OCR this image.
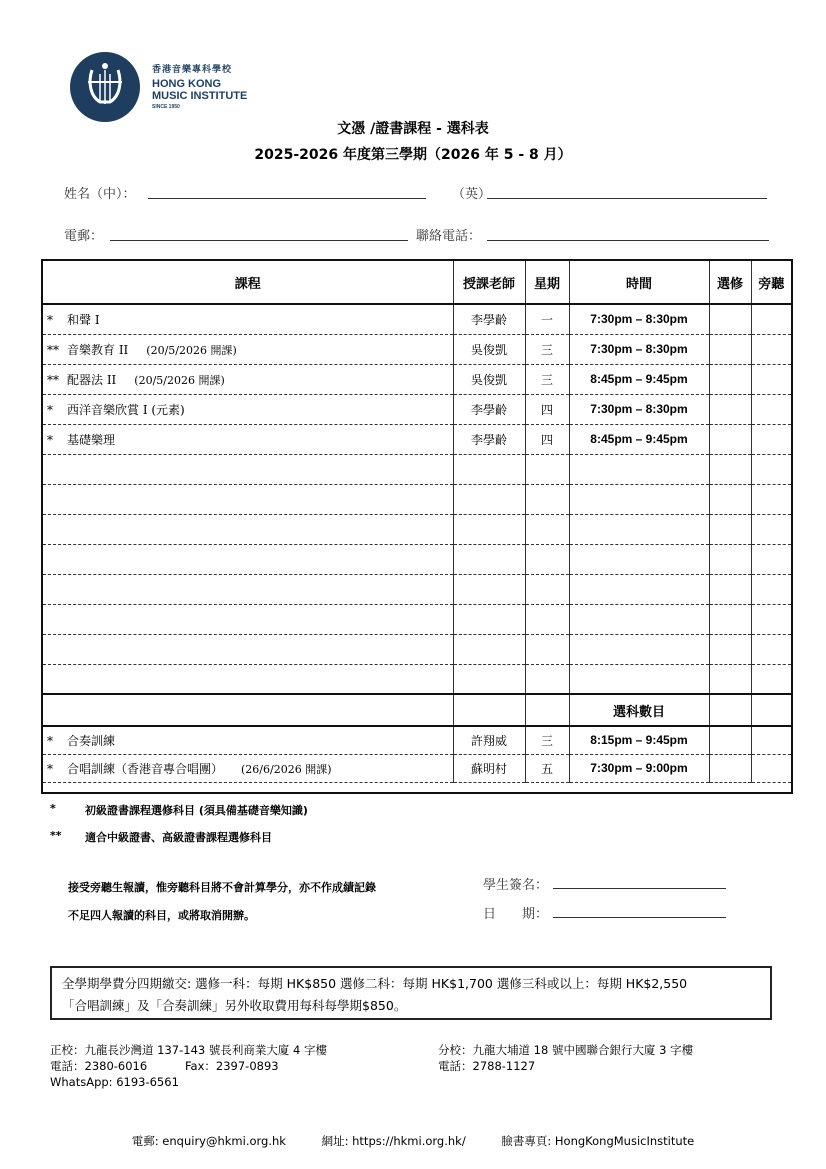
香港音樂專科學校
HONG KONG
MUSIC INSTITUTE
SINCE 1950
文憑 /證書課程 - 選科表
2025-2026 年度第三學期（2026 年 5 - 8 月）
姓名（中）：	（英）
電郵：	聯絡電話：
課程	授課老師	星期	時間	選修	旁聽
* 和聲 I	李學齡	一	7:30pm – 8:30pm		
** 音樂教育 II (20/5/2026 開課)	吳俊凱	三	7:30pm – 8:30pm		
** 配器法 II (20/5/2026 開課)	吳俊凱	三	8:45pm – 9:45pm		
* 西洋音樂欣賞 I (元素)	李學齡	四	7:30pm – 8:30pm		
* 基礎樂理	李學齡	四	8:45pm – 9:45pm		

			選科數目		
* 合奏訓練	許翔威	三	8:15pm – 9:45pm		
* 合唱訓練（香港音專合唱團） (26/6/2026 開課)	蘇明村	五	7:30pm – 9:00pm		
*	初級證書課程選修科目 (須具備基礎音樂知識)
** 適合中級證書、高級證書課程選修科目
接受旁聽生報讀，惟旁聽科目將不會計算學分，亦不作成績記錄
不足四人報讀的科目，或將取消開辦。
學生簽名：
日　　期：
全學期學費分四期繳交: 選修一科：每期 HK$850 選修二科：每期 HK$1,700 選修三科或以上：每期 HK$2,550
「合唱訓練」及「合奏訓練」另外收取費用每科每學期$850。
正校：九龍長沙灣道 137-143 號長利商業大廈 4 字樓
電話：2380-6016	Fax：2397-0893
WhatsApp: 6193-6561
分校：九龍大埔道 18 號中國聯合銀行大廈 3 字樓
電話：2788-1127
電郵: enquiry@hkmi.org.hk	網址: https://hkmi.org.hk/	臉書專頁: HongKongMusicInstitute
